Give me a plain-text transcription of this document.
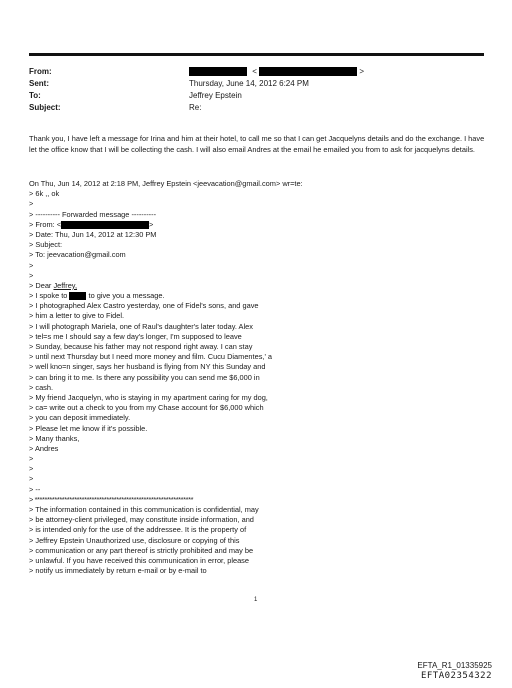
From:	<	>
Sent:	Thursday, June 14, 2012 6:24 PM
To:	Jeffrey Epstein
Subject:	Re:

Thank you, I have left a message for Irina and him at their hotel, to call me so that I can get Jacquelyns details and do the exchange. I have let the office know that I will be collecting the cash. I will also email Andres at the email he emailed you from to ask for jacquelyns details.

On Thu, Jun 14, 2012 at 2:18 PM, Jeffrey Epstein <jeevacation@gmail.com> wr=te:
> 6k ,, ok
>
> ---------- Forwarded message ----------
> From: <	>
> Date: Thu, Jun 14, 2012 at 12:30 PM
> Subject:
> To: jeevacation@gmail.com
>
>
> Dear Jeffrey,
> I spoke to  to give you a message.
> I photographed Alex Castro yesterday, one of Fidel's sons, and gave
> him a letter to give to Fidel.
> I will photograph Mariela, one of Raul's daughter's later today. Alex
> tel=s me I should say a few day's longer, I'm supposed to leave
> Sunday, because his father may not respond right away. I can stay
> until next Thursday but I need more money and film. Cucu Diamentes,' a
> well kno=n singer, says her husband is flying from NY this Sunday and
> can bring it to me. Is there any possibility you can send me $6,000 in
> cash.
> My friend Jacquelyn, who is staying in my apartment caring for my dog,
> ca= write out a check to you from my Chase account for $6,000 which
> you can deposit immediately.
> Please let me know if it's possible.
> Many thanks,
> Andres
>
>
>
> --
> ****************************************************************
> The information contained in this communication is confidential, may
> be attorney-client privileged, may constitute inside information, and
> is intended only for the use of the addressee. It is the property of
> Jeffrey Epstein Unauthorized use, disclosure or copying of this
> communication or any part thereof is strictly prohibited and may be
> unlawful. If you have received this communication in error, please
> notify us immediately by return e-mail or by e-mail to
1
EFTA_R1_01335925
EFTA02354322
